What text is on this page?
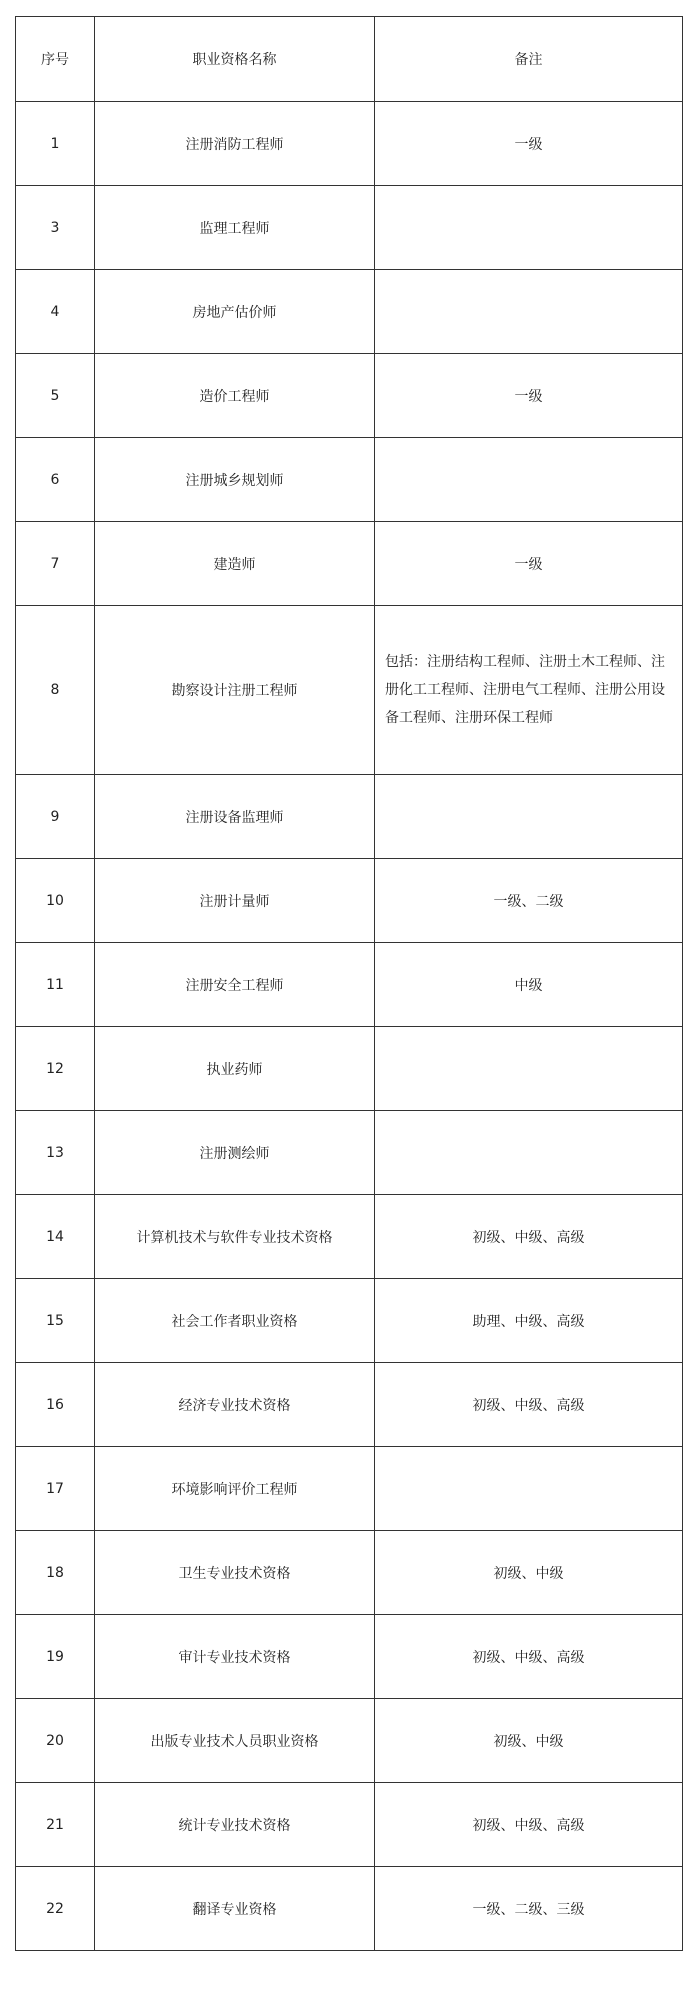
序号	职业资格名称	备注
1	注册消防工程师	一级
3	监理工程师	
4	房地产估价师	
5	造价工程师	一级
6	注册城乡规划师	
7	建造师	一级
8	勘察设计注册工程师	包括：注册结构工程师、注册土木工程师、注册化工工程师、注册电气工程师、注册公用设备工程师、注册环保工程师
9	注册设备监理师	
10	注册计量师	一级、二级
11	注册安全工程师	中级
12	执业药师	
13	注册测绘师	
14	计算机技术与软件专业技术资格	初级、中级、高级
15	社会工作者职业资格	助理、中级、高级
16	经济专业技术资格	初级、中级、高级
17	环境影响评价工程师	
18	卫生专业技术资格	初级、中级
19	审计专业技术资格	初级、中级、高级
20	出版专业技术人员职业资格	初级、中级
21	统计专业技术资格	初级、中级、高级
22	翻译专业资格	一级、二级、三级
